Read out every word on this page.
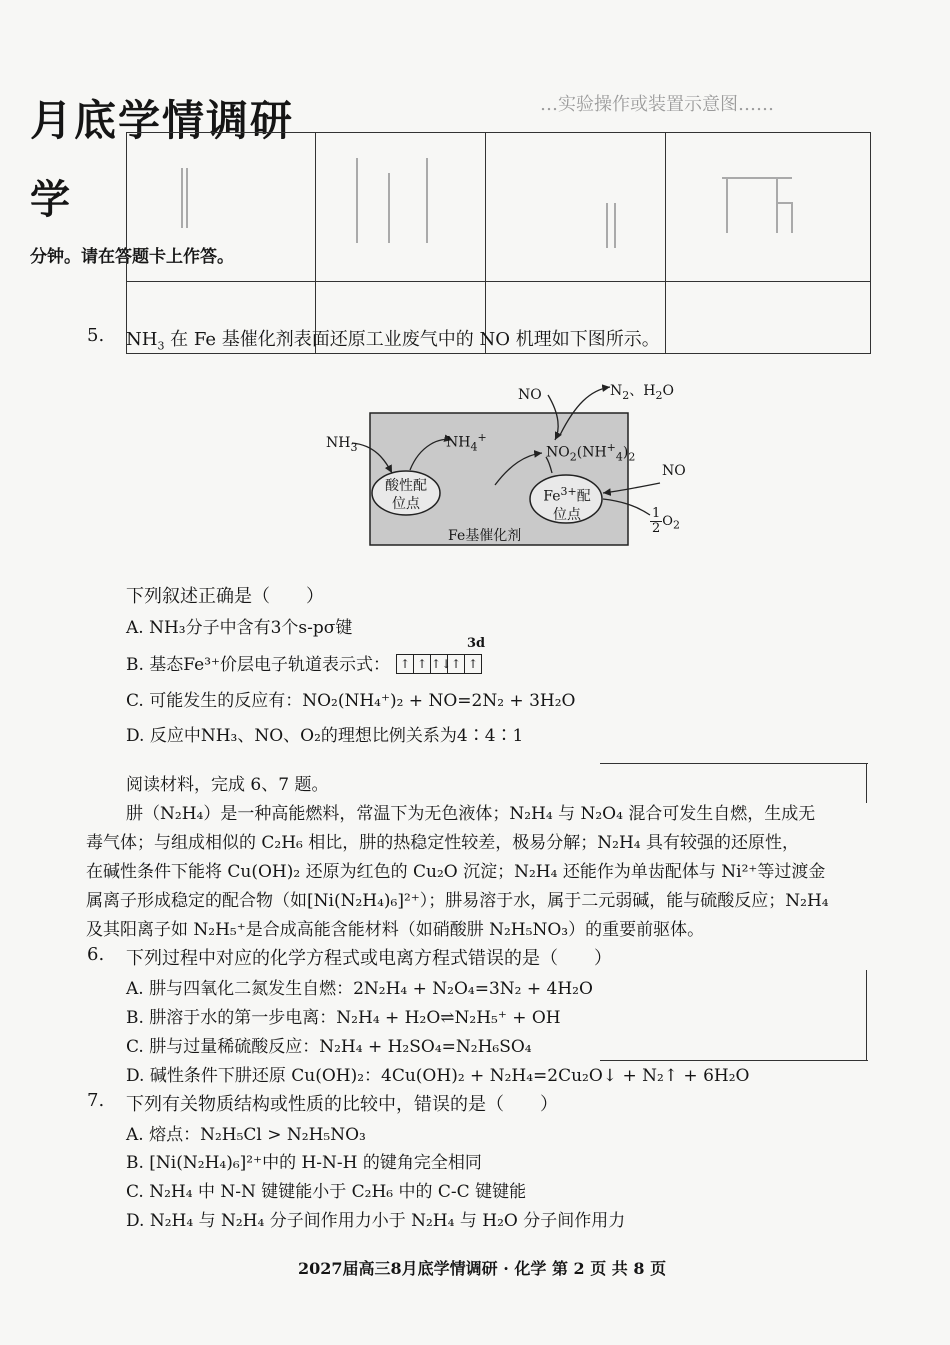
月底学情调研
学
分钟。请在答题卡上作答。
…实验操作或装置示意图……
5. $NH_3$ 在 Fe 基催化剂表面还原工业废气中的 NO 机理如下图所示。
$NH_3$	$NH_4^+$
NO	$N_2$、$H_2O$
$NO_2(NH^+_4)_2$
NO
$\frac{1}{2} O_2$
酸性配
位点	$Fe^{3+}$配
位点
Fe基催化剂
下列叙述正确是（　　）
A. NH₃分子中含有3个s-pσ键
B. 基态Fe³⁺价层电子轨道表示式： ↑ ↑ ↑↓ ↑ ↑
3d
C. 可能发生的反应有：NO₂(NH₄⁺)₂ + NO=2N₂ + 3H₂O
D. 反应中NH₃、NO、O₂的理想比例关系为4∶4∶1
阅读材料，完成 6、7 题。
肼（N₂H₄）是一种高能燃料，常温下为无色液体；N₂H₄ 与 N₂O₄ 混合可发生自燃，生成无
毒气体；与组成相似的 C₂H₆ 相比，肼的热稳定性较差，极易分解；N₂H₄ 具有较强的还原性，
在碱性条件下能将 Cu(OH)₂ 还原为红色的 Cu₂O 沉淀；N₂H₄ 还能作为单齿配体与 Ni²⁺等过渡金
属离子形成稳定的配合物（如[Ni(N₂H₄)₆]²⁺）；肼易溶于水，属于二元弱碱，能与硫酸反应；N₂H₄
及其阳离子如 N₂H₅⁺是合成高能含能材料（如硝酸肼 N₂H₅NO₃）的重要前驱体。
6. 下列过程中对应的化学方程式或电离方程式错误的是（　　）
A. 肼与四氧化二氮发生自燃：2N₂H₄ + N₂O₄=3N₂ + 4H₂O
B. 肼溶于水的第一步电离：N₂H₄ + H₂O⇌N₂H₅⁺ + OH
C. 肼与过量稀硫酸反应：N₂H₄ + H₂SO₄=N₂H₆SO₄
D. 碱性条件下肼还原 Cu(OH)₂：4Cu(OH)₂ + N₂H₄=2Cu₂O↓ + N₂↑ + 6H₂O
7. 下列有关物质结构或性质的比较中，错误的是（　　）
A. 熔点：N₂H₅Cl > N₂H₅NO₃
B. [Ni(N₂H₄)₆]²⁺中的 H-N-H 的键角完全相同
C. N₂H₄ 中 N-N 键键能小于 C₂H₆ 中的 C-C 键键能
D. N₂H₄ 与 N₂H₄ 分子间作用力小于 N₂H₄ 与 H₂O 分子间作用力
2027届高三8月底学情调研 · 化学 第 2 页 共 8 页
